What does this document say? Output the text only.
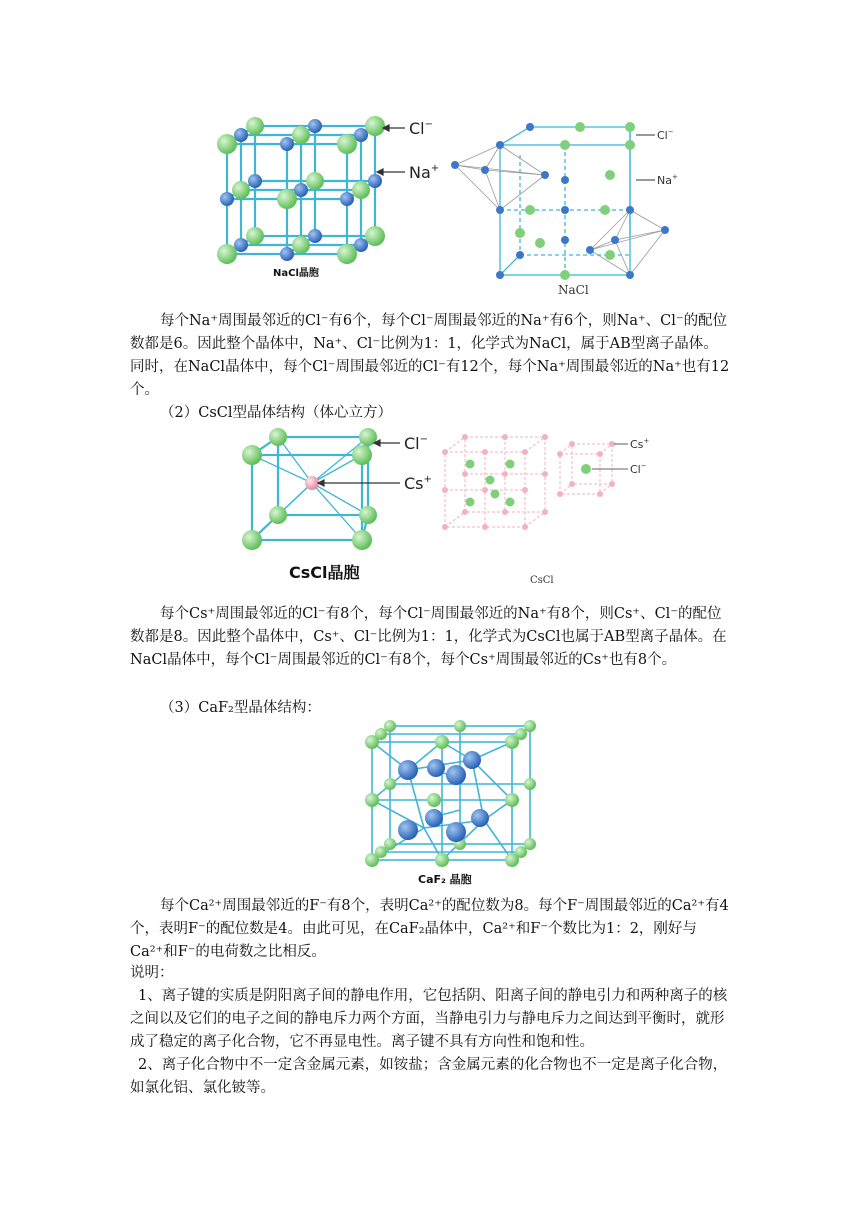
Cl−
Na+
NaCl晶胞
Cl−
Na+
NaCl

每个Na⁺周围最邻近的Cl⁻有6个，每个Cl⁻周围最邻近的Na⁺有6个，则Na⁺、Cl⁻的配位数都是6。因此整个晶体中，Na⁺、Cl⁻比例为1：1，化学式为NaCl，属于AB型离子晶体。同时，在NaCl晶体中，每个Cl⁻周围最邻近的Cl⁻有12个，每个Na⁺周围最邻近的Na⁺也有12个。

（2）CsCl型晶体结构（体心立方）

Cl−
Cs+
CsCl晶胞
Cs+
Cl−
CsCl

每个Cs⁺周围最邻近的Cl⁻有8个，每个Cl⁻周围最邻近的Na⁺有8个，则Cs⁺、Cl⁻的配位数都是8。因此整个晶体中，Cs⁺、Cl⁻比例为1：1，化学式为CsCl也属于AB型离子晶体。在NaCl晶体中，每个Cl⁻周围最邻近的Cl⁻有8个，每个Cs⁺周围最邻近的Cs⁺也有8个。

（3）CaF₂型晶体结构：

CaF₂ 晶胞

每个Ca²⁺周围最邻近的F⁻有8个，表明Ca²⁺的配位数为8。每个F⁻周围最邻近的Ca²⁺有4个，表明F⁻的配位数是4。由此可见，在CaF₂晶体中，Ca²⁺和F⁻个数比为1：2，刚好与Ca²⁺和F⁻的电荷数之比相反。

说明：

1、离子键的实质是阴阳离子间的静电作用，它包括阴、阳离子间的静电引力和两种离子的核之间以及它们的电子之间的静电斥力两个方面，当静电引力与静电斥力之间达到平衡时，就形成了稳定的离子化合物，它不再显电性。离子键不具有方向性和饱和性。

2、离子化合物中不一定含金属元素，如铵盐；含金属元素的化合物也不一定是离子化合物，如氯化铝、氯化铍等。
